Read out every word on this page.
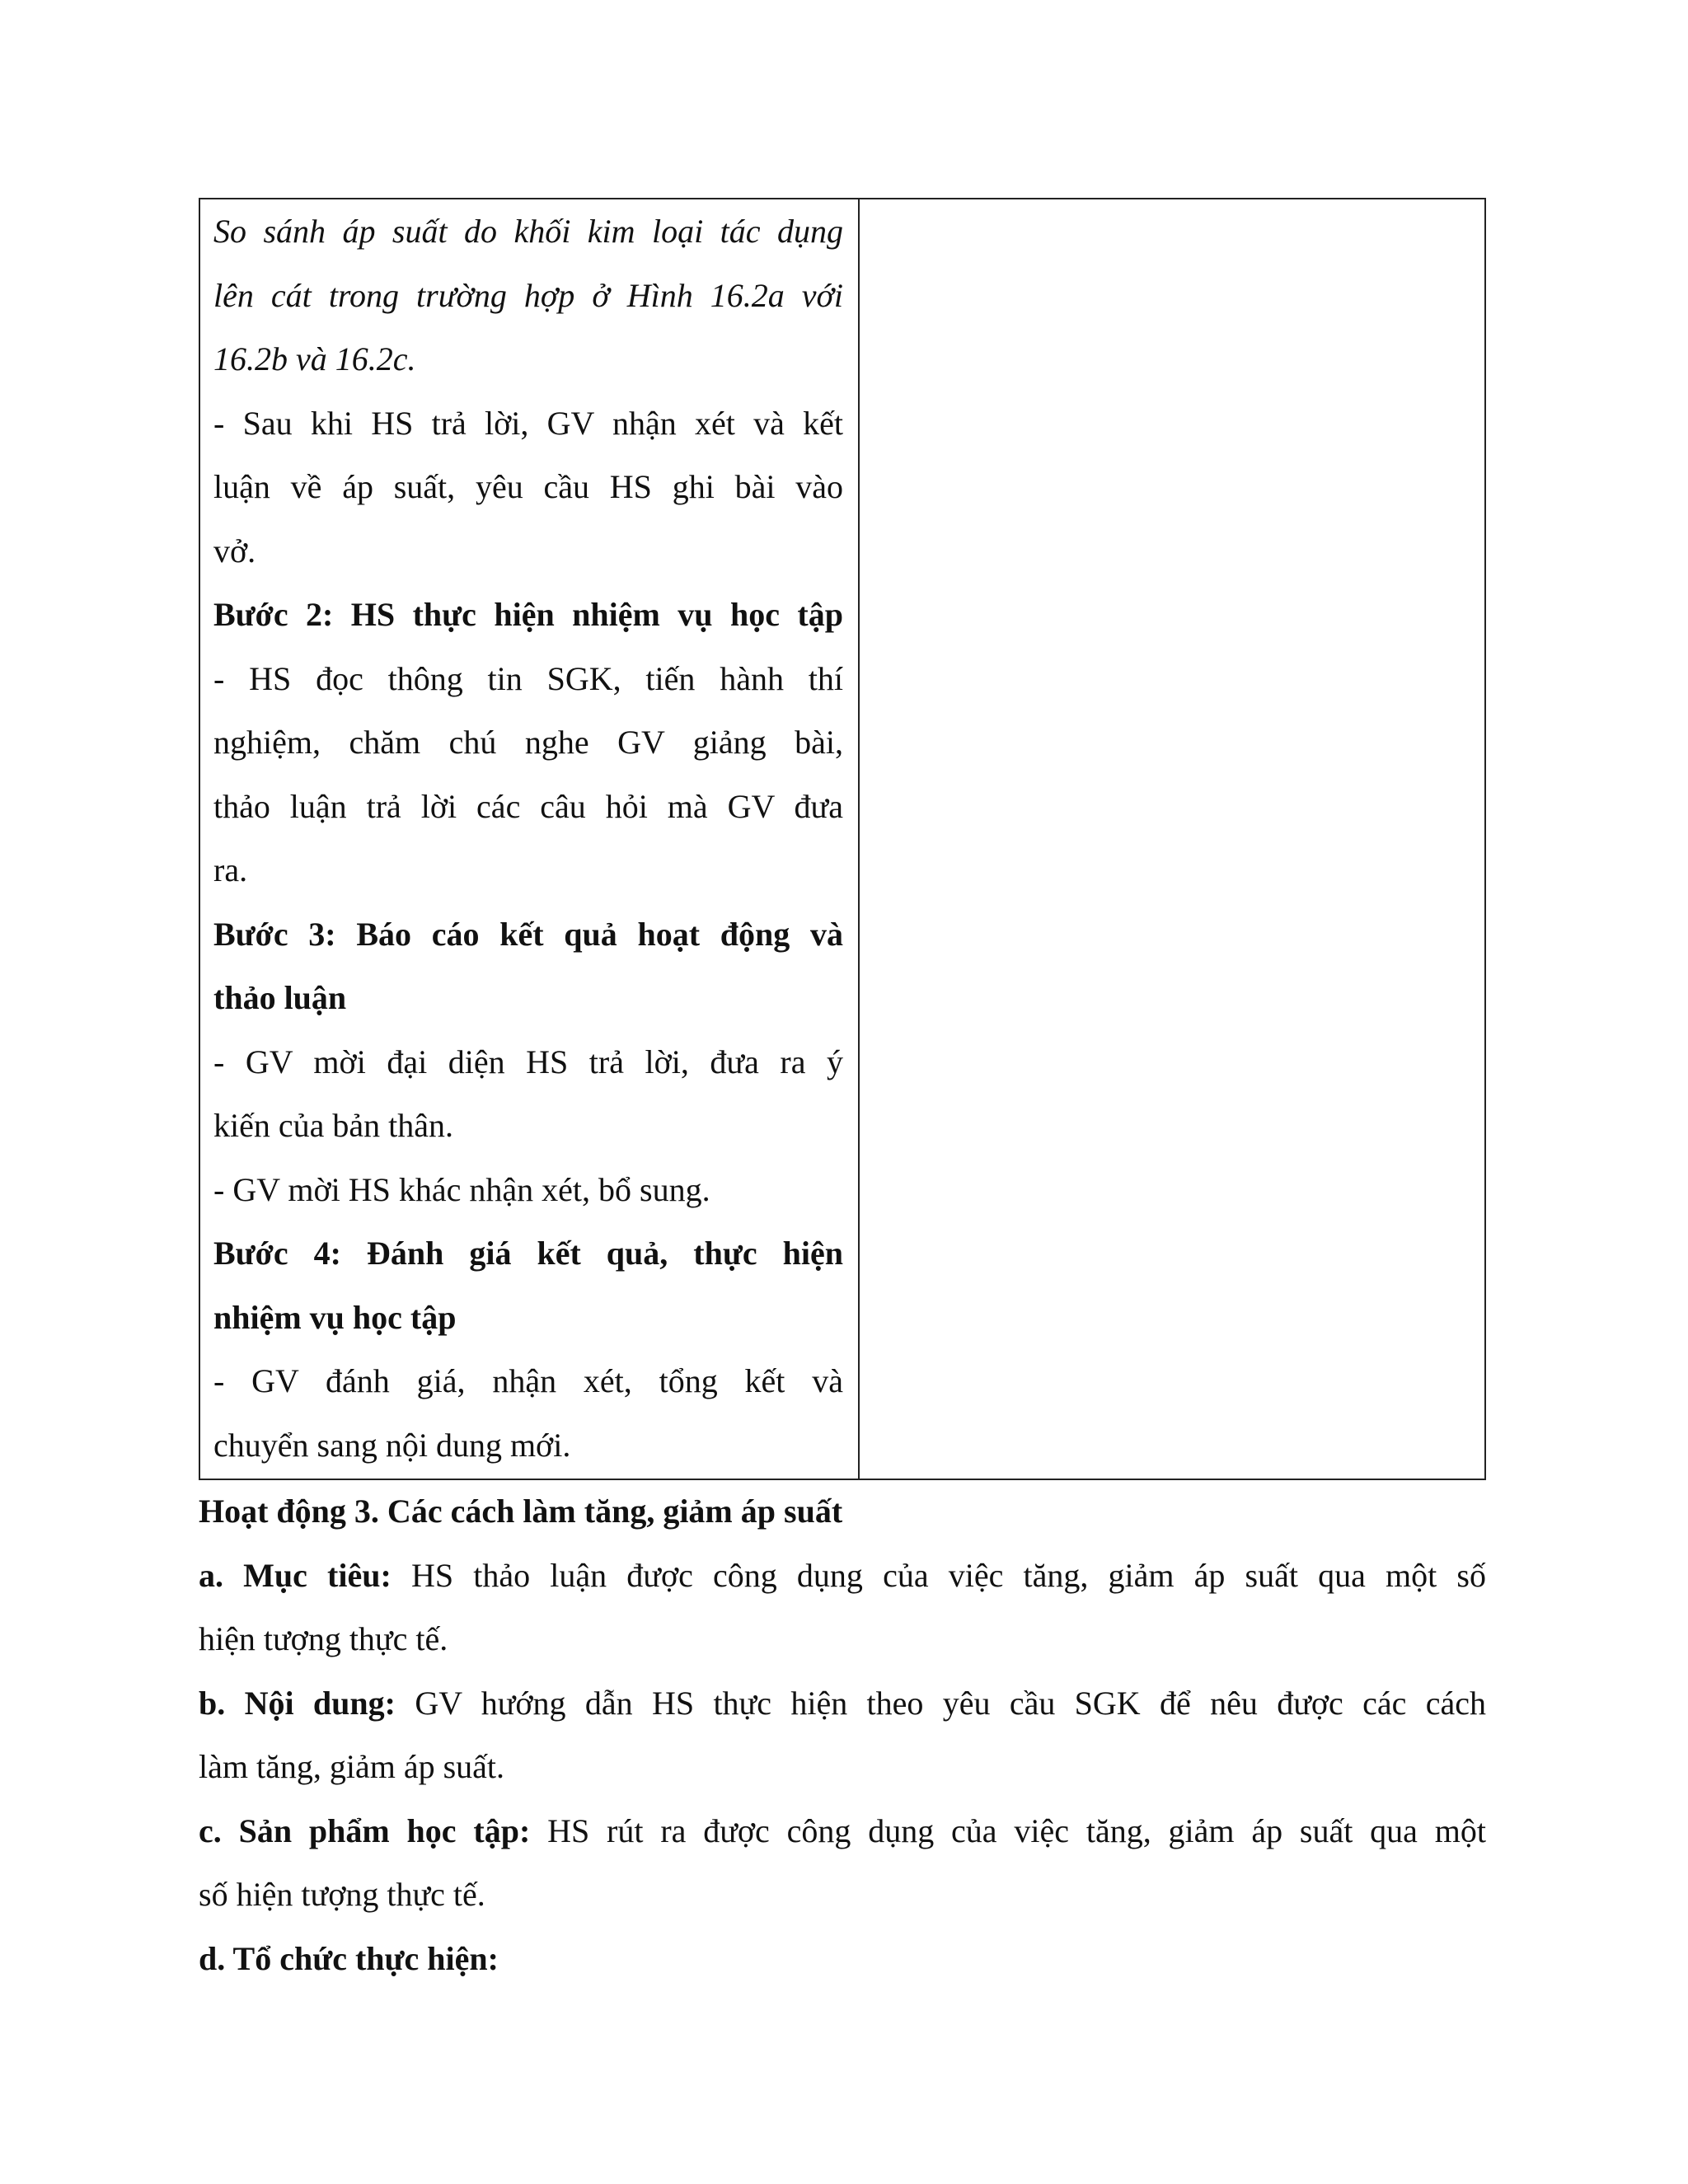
So sánh áp suất do khối kim loại tác dụng
lên cát trong trường hợp ở Hình 16.2a với
16.2b và 16.2c.
- Sau khi HS trả lời, GV nhận xét và kết
luận về áp suất, yêu cầu HS ghi bài vào
vở.
Bước 2: HS thực hiện nhiệm vụ học tập
- HS đọc thông tin SGK, tiến hành thí
nghiệm, chăm chú nghe GV giảng bài,
thảo luận trả lời các câu hỏi mà GV đưa
ra.
Bước 3: Báo cáo kết quả hoạt động và
thảo luận
- GV mời đại diện HS trả lời, đưa ra ý
kiến của bản thân.
- GV mời HS khác nhận xét, bổ sung.
Bước 4: Đánh giá kết quả, thực hiện
nhiệm vụ học tập
- GV đánh giá, nhận xét, tổng kết và
chuyển sang nội dung mới.
Hoạt động 3. Các cách làm tăng, giảm áp suất
a. Mục tiêu: HS thảo luận được công dụng của việc tăng, giảm áp suất qua một số
hiện tượng thực tế.
b. Nội dung: GV hướng dẫn HS thực hiện theo yêu cầu SGK để nêu được các cách
làm tăng, giảm áp suất.
c. Sản phẩm học tập: HS rút ra được công dụng của việc tăng, giảm áp suất qua một
số hiện tượng thực tế.
d. Tổ chức thực hiện:
